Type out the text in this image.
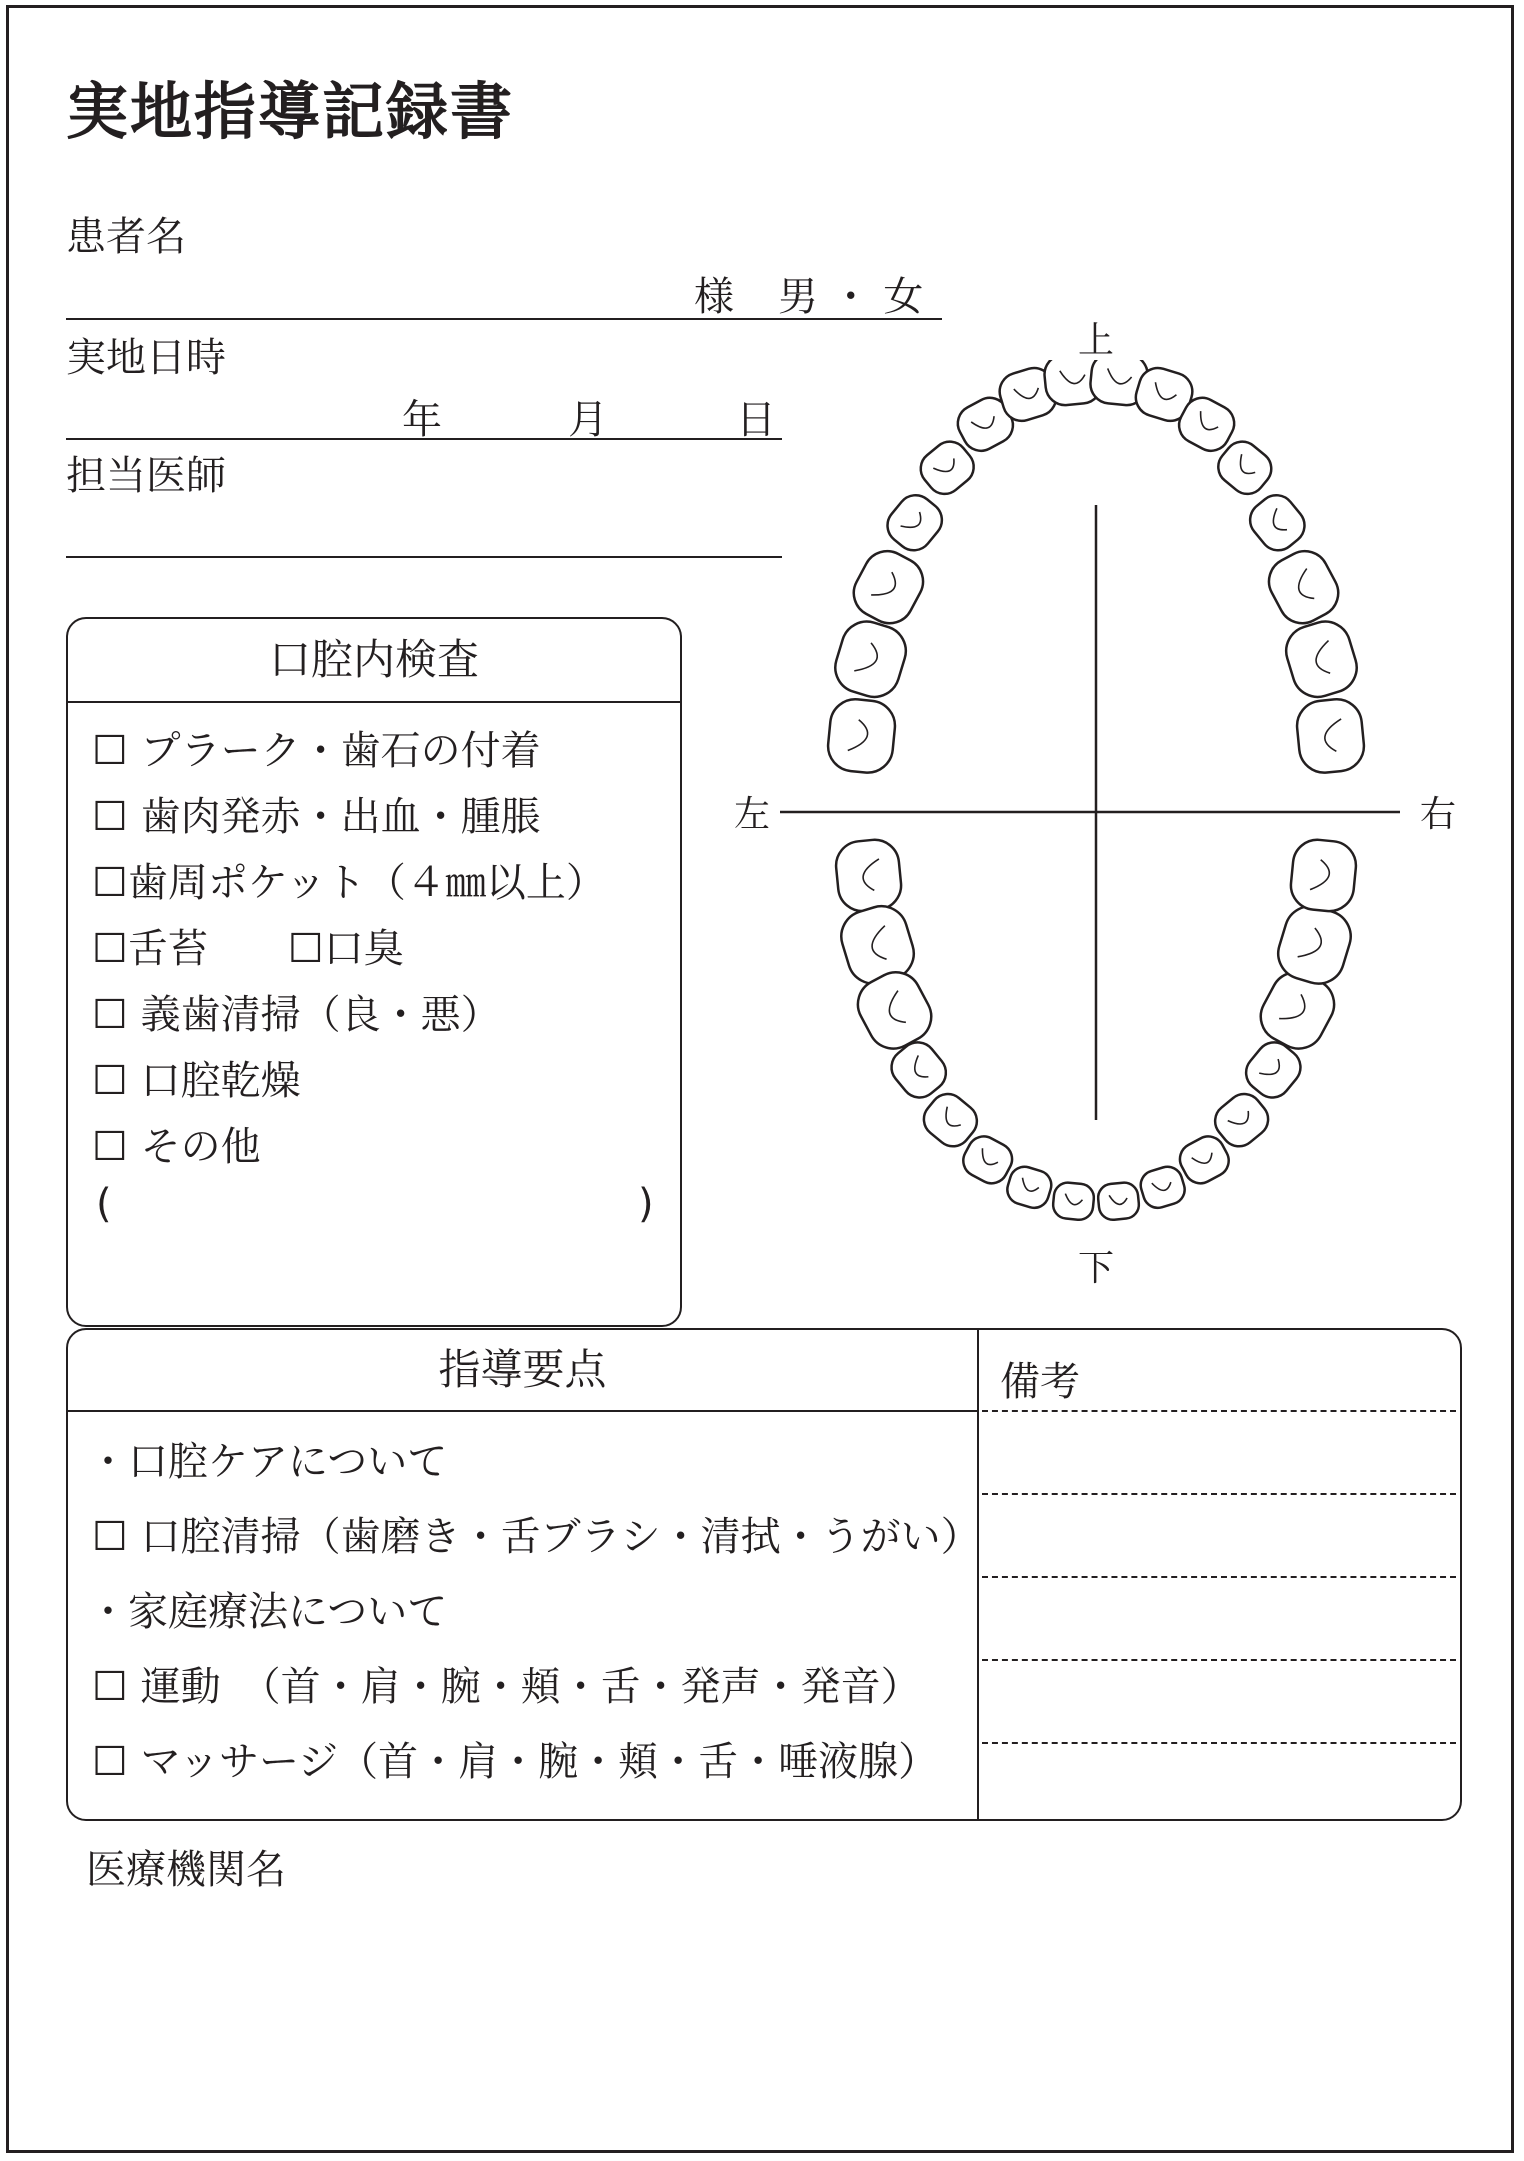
実地指導記録書
患者名
様 男 ・ 女
実地日時
年	月	日
担当医師
口腔内検査
☐ プラーク・歯石の付着
☐ 歯肉発赤・出血・腫脹
☐歯周ポケット（４㎜以上）
☐舌苔　　☐口臭
☐ 義歯清掃（良・悪）
☐ 口腔乾燥
☐ その他
(	)
上
下
左	右
指導要点	備考
・口腔ケアについて
☐ 口腔清掃（歯磨き・舌ブラシ・清拭・うがい）
・家庭療法について
☐ 運動　（首・肩・腕・頬・舌・発声・発音）
☐ マッサージ（首・肩・腕・頬・舌・唾液腺）
医療機関名
